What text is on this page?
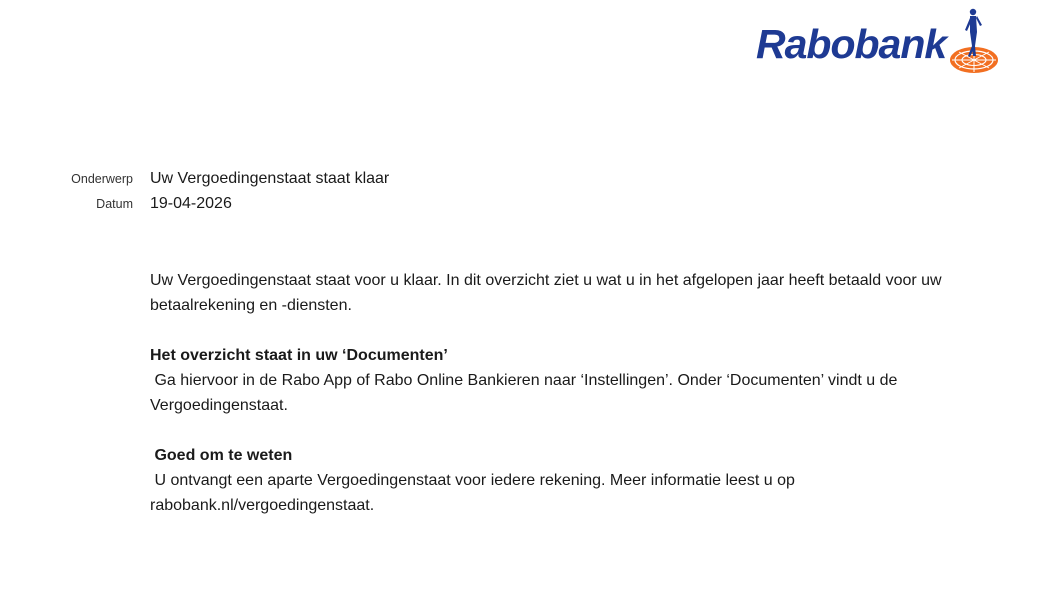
Rabobank
Onderwerp	Uw Vergoedingenstaat staat klaar
Datum	19-04-2026

Uw Vergoedingenstaat staat voor u klaar. In dit overzicht ziet u wat u in het afgelopen jaar heeft betaald voor uw betaalrekening en -diensten.

Het overzicht staat in uw ‘Documenten’

Ga hiervoor in de Rabo App of Rabo Online Bankieren naar ‘Instellingen’. Onder ‘Documenten’ vindt u de Vergoedingenstaat.

Goed om te weten

U ontvangt een aparte Vergoedingenstaat voor iedere rekening. Meer informatie leest u op rabobank.nl/vergoedingenstaat.
